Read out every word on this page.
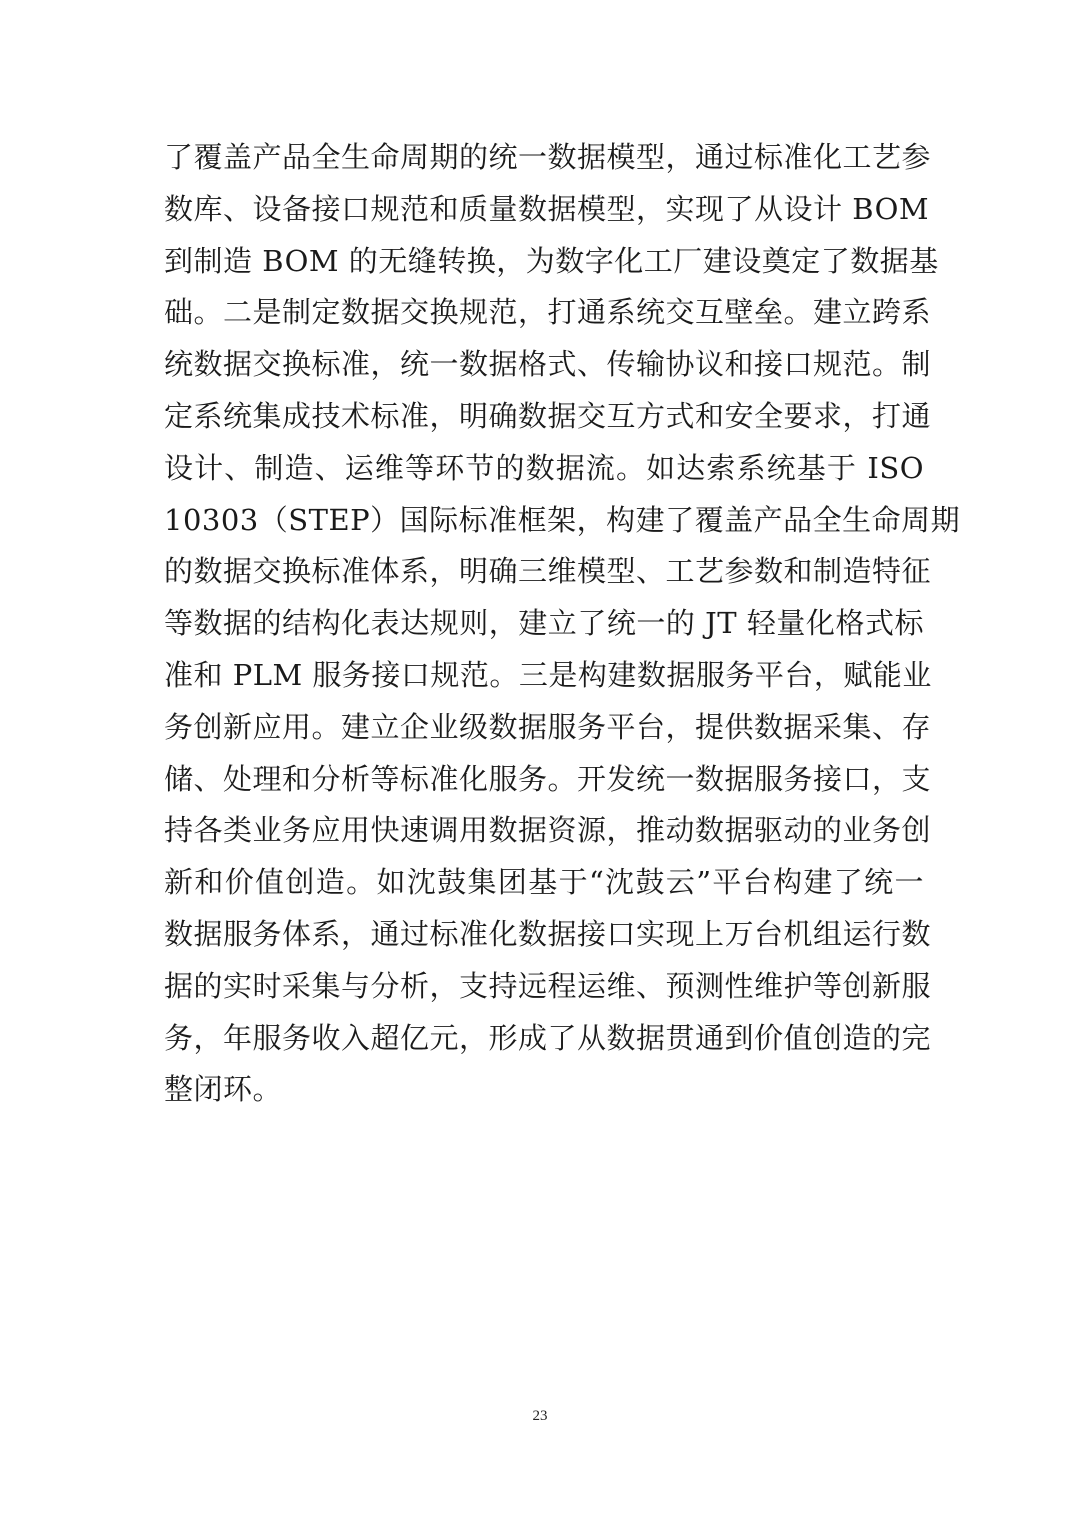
了覆盖产品全生命周期的统一数据模型，通过标准化工艺参
数库、设备接口规范和质量数据模型，实现了从设计 BOM
到制造 BOM 的无缝转换，为数字化工厂建设奠定了数据基
础。二是制定数据交换规范，打通系统交互壁垒。建立跨系
统数据交换标准，统一数据格式、传输协议和接口规范。制
定系统集成技术标准，明确数据交互方式和安全要求，打通
设计、制造、运维等环节的数据流。如达索系统基于 ISO
10303（STEP）国际标准框架，构建了覆盖产品全生命周期
的数据交换标准体系，明确三维模型、工艺参数和制造特征
等数据的结构化表达规则，建立了统一的 JT 轻量化格式标
准和 PLM 服务接口规范。三是构建数据服务平台，赋能业
务创新应用。建立企业级数据服务平台，提供数据采集、存
储、处理和分析等标准化服务。开发统一数据服务接口，支
持各类业务应用快速调用数据资源，推动数据驱动的业务创
新和价值创造。如沈鼓集团基于“沈鼓云”平台构建了统一
数据服务体系，通过标准化数据接口实现上万台机组运行数
据的实时采集与分析，支持远程运维、预测性维护等创新服
务，年服务收入超亿元，形成了从数据贯通到价值创造的完
整闭环。
23
